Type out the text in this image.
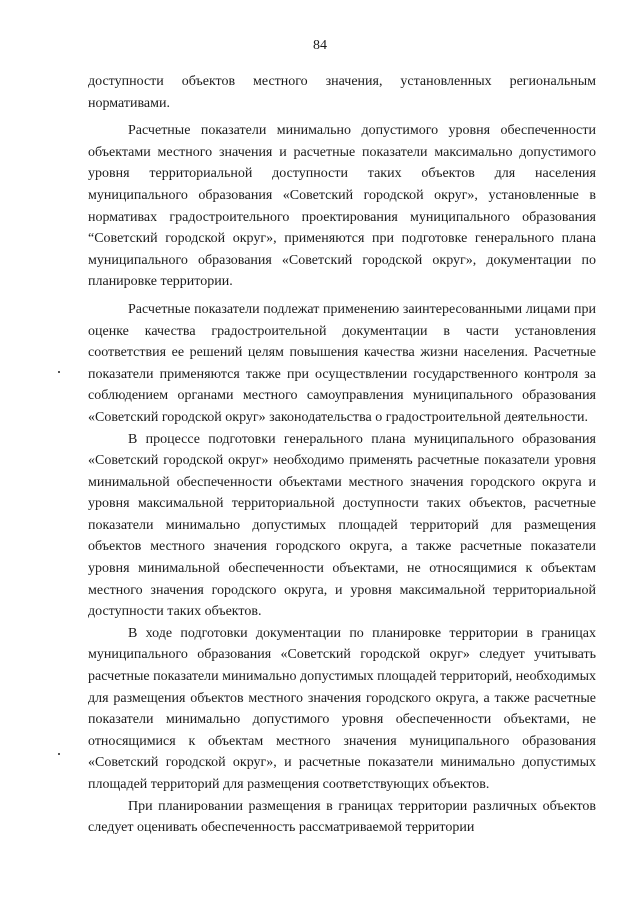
84

доступности объектов местного значения, установленных региональным нормативами.

Расчетные показатели минимально допустимого уровня обеспеченности объектами местного значения и расчетные показатели максимально допустимого уровня территориальной доступности таких объектов для населения муниципального образования «Советский городской округ», установленные в нормативах градостроительного проектирования муниципального образования “Советский городской округ», применяются при подготовке генерального плана муниципального образования «Советский городской округ», документации по планировке территории.

Расчетные показатели подлежат применению заинтересованными лицами при оценке качества градостроительной документации в части установления соответствия ее решений целям повышения качества жизни населения. Расчетные показатели применяются также при осуществлении государственного контроля за соблюдением органами местного самоуправления муниципального образования «Советский городской округ» законодательства о градостроительной деятельности.

В процессе подготовки генерального плана муниципального образования «Советский городской округ» необходимо применять расчетные показатели уровня минимальной обеспеченности объектами местного значения городского округа и уровня максимальной территориальной доступности таких объектов, расчетные показатели минимально допустимых площадей территорий для размещения объектов местного значения городского округа, а также расчетные показатели уровня минимальной обеспеченности объектами, не относящимися к объектам местного значения городского округа, и уровня максимальной территориальной доступности таких объектов.

В ходе подготовки документации по планировке территории в границах муниципального образования «Советский городской округ» следует учитывать расчетные показатели минимально допустимых площадей территорий, необходимых для размещения объектов местного значения городского округа, а также расчетные показатели минимально допустимого уровня обеспеченности объектами, не относящимися к объектам местного значения муниципального образования «Советский городской округ», и расчетные показатели минимально допустимых площадей территорий для размещения соответствующих объектов.

При планировании размещения в границах территории различных объектов следует оценивать обеспеченность рассматриваемой территории
